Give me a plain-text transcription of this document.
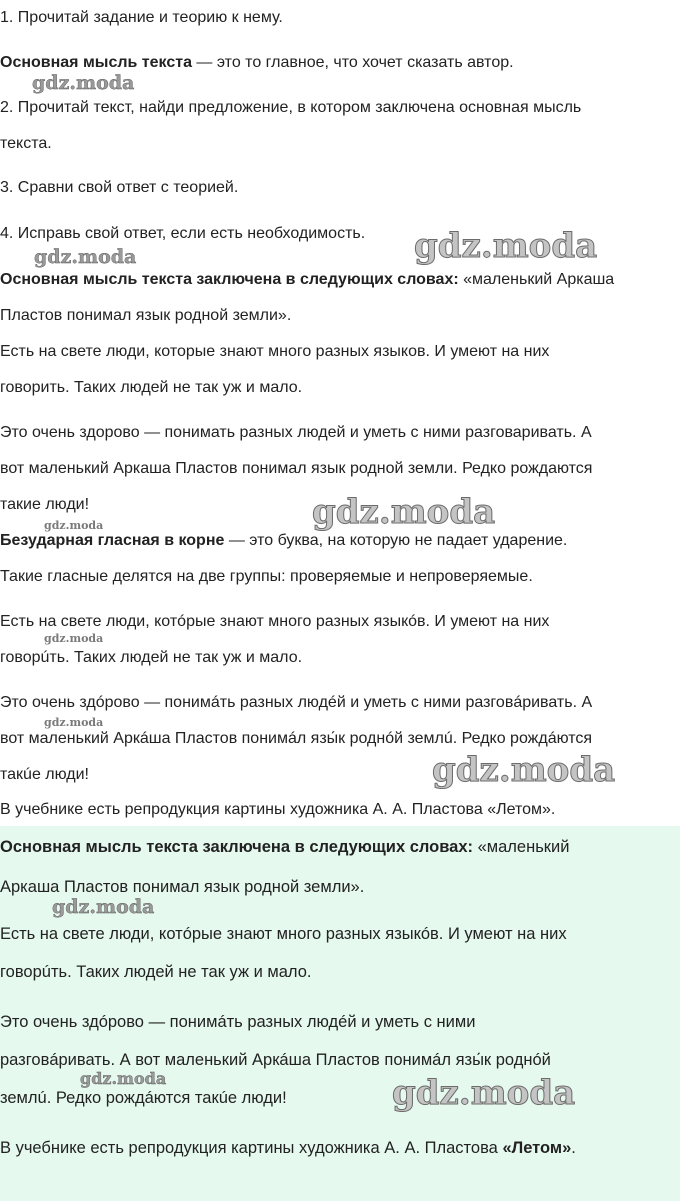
1. Прочитай задание и теорию к нему.
Основная мысль текста — это то главное, что хочет сказать автор.
2. Прочитай текст, найди предложение, в котором заключена основная мысль
текста.
3. Сравни свой ответ с теорией.
4. Исправь свой ответ, если есть необходимость.
Основная мысль текста заключена в следующих словах: «маленький Аркаша
Пластов понимал язык родной земли».
Есть на свете люди, которые знают много разных языков. И умеют на них
говорить. Таких людей не так уж и мало.
Это очень здорово — понимать разных людей и уметь с ними разговаривать. А
вот маленький Аркаша Пластов понимал язык родной земли. Редко рождаются
такие люди!
Безударная гласная в корне — это буква, на которую не падает ударение.
Такие гласные делятся на две группы: проверяемые и непроверяемые.
Есть на свете люди, котóрые знают много разных языкóв. И умеют на них
говорúть. Таких людей не так уж и мало.
Это очень здóрово — понимáть разных людéй и уметь с ними разговáривать. А
вот маленький Аркáша Пластов понимáл язы́к роднóй землú. Редко рождáются
такúе люди!
В учебнике есть репродукция картины художника А. А. Пластова «Летом».
Основная мысль текста заключена в следующих словах: «маленький
Аркаша Пластов понимал язык родной земли».
Есть на свете люди, котóрые знают много разных языкóв. И умеют на них
говорúть. Таких людей не так уж и мало.
Это очень здóрово — понимáть разных людéй и уметь с ними
разговáривать. А вот маленький Аркáша Пластов понимáл язы́к роднóй
землú. Редко рождáются такúе люди!
В учебнике есть репродукция картины художника А. А. Пластова «Летом».
gdz.moda
gdz.moda	gdz.moda
gdz.moda
gdz.moda
gdz.moda
gdz.moda
gdz.moda
gdz.moda
gdz.moda	gdz.moda
